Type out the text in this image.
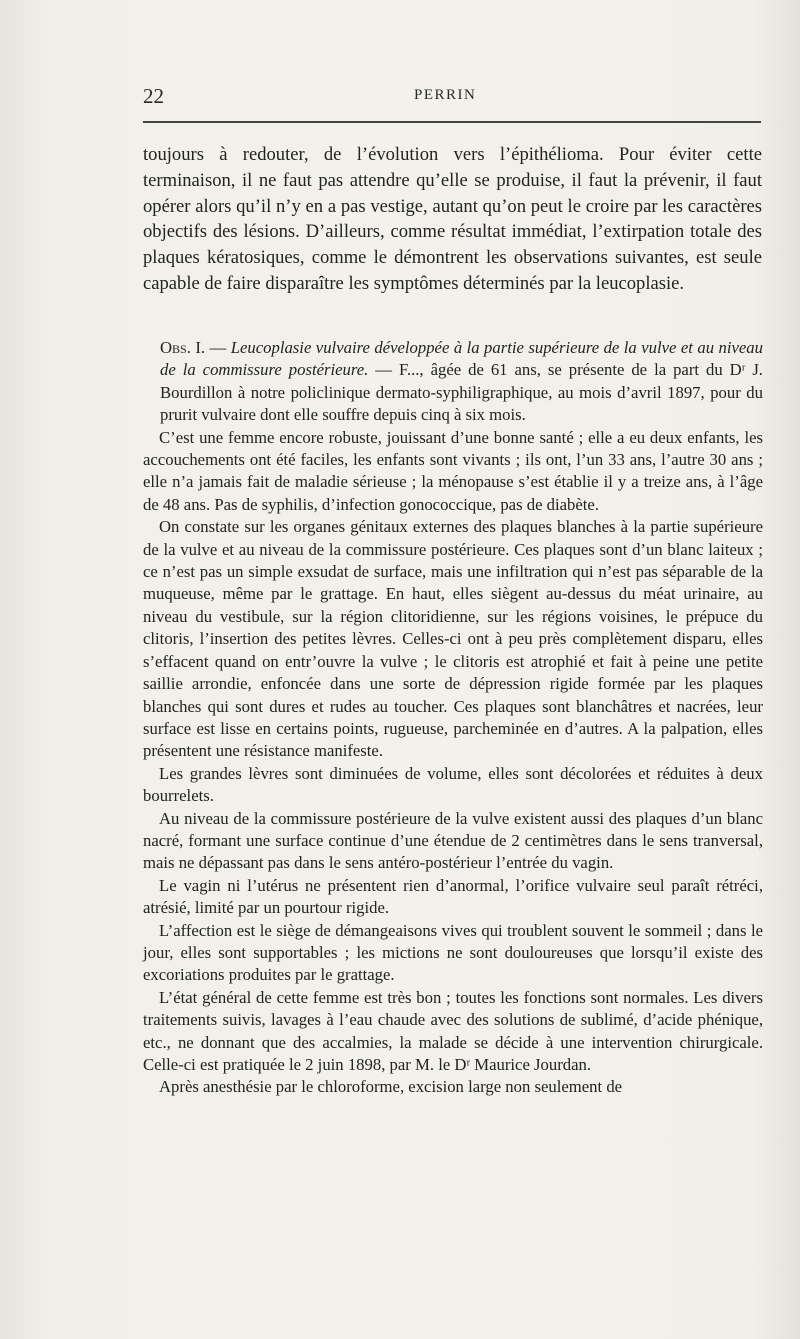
22	PERRIN

toujours à redouter, de l’évolution vers l’épithélioma. Pour éviter cette terminaison, il ne faut pas attendre qu’elle se produise, il faut la prévenir, il faut opérer alors qu’il n’y en a pas vestige, autant qu’on peut le croire par les caractères objectifs des lésions. D’ailleurs, comme résultat immédiat, l’extirpation totale des plaques kératosiques, comme le démontrent les observations suivantes, est seule capable de faire disparaître les symptômes déterminés par la leucoplasie.

Obs. I. — Leucoplasie vulvaire développée à la partie supérieure de la vulve et au niveau de la commissure postérieure. — F..., âgée de 61 ans, se présente de la part du Dʳ J. Bourdillon à notre policlinique dermato-syphiligraphique, au mois d’avril 1897, pour du prurit vulvaire dont elle souffre depuis cinq à six mois.

C’est une femme encore robuste, jouissant d’une bonne santé ; elle a eu deux enfants, les accouchements ont été faciles, les enfants sont vivants ; ils ont, l’un 33 ans, l’autre 30 ans ; elle n’a jamais fait de maladie sérieuse ; la ménopause s’est établie il y a treize ans, à l’âge de 48 ans. Pas de syphilis, d’infection gonococcique, pas de diabète.

On constate sur les organes génitaux externes des plaques blanches à la partie supérieure de la vulve et au niveau de la commissure postérieure. Ces plaques sont d’un blanc laiteux ; ce n’est pas un simple exsudat de surface, mais une infiltration qui n’est pas séparable de la muqueuse, même par le grattage. En haut, elles siègent au-dessus du méat urinaire, au niveau du vestibule, sur la région clitoridienne, sur les régions voisines, le prépuce du clitoris, l’insertion des petites lèvres. Celles-ci ont à peu près complètement disparu, elles s’effacent quand on entr’ouvre la vulve ; le clitoris est atrophié et fait à peine une petite saillie arrondie, enfoncée dans une sorte de dépression rigide formée par les plaques blanches qui sont dures et rudes au toucher. Ces plaques sont blanchâtres et nacrées, leur surface est lisse en certains points, rugueuse, parcheminée en d’autres. A la palpation, elles présentent une résistance manifeste.

Les grandes lèvres sont diminuées de volume, elles sont décolorées et réduites à deux bourrelets.

Au niveau de la commissure postérieure de la vulve existent aussi des plaques d’un blanc nacré, formant une surface continue d’une étendue de 2 centimètres dans le sens tranversal, mais ne dépassant pas dans le sens antéro-postérieur l’entrée du vagin.

Le vagin ni l’utérus ne présentent rien d’anormal, l’orifice vulvaire seul paraît rétréci, atrésié, limité par un pourtour rigide.

L’affection est le siège de démangeaisons vives qui troublent souvent le sommeil ; dans le jour, elles sont supportables ; les mictions ne sont douloureuses que lorsqu’il existe des excoriations produites par le grattage.

L’état général de cette femme est très bon ; toutes les fonctions sont normales. Les divers traitements suivis, lavages à l’eau chaude avec des solutions de sublimé, d’acide phénique, etc., ne donnant que des accalmies, la malade se décide à une intervention chirurgicale. Celle-ci est pratiquée le 2 juin 1898, par M. le Dʳ Maurice Jourdan.

Après anesthésie par le chloroforme, excision large non seulement de
